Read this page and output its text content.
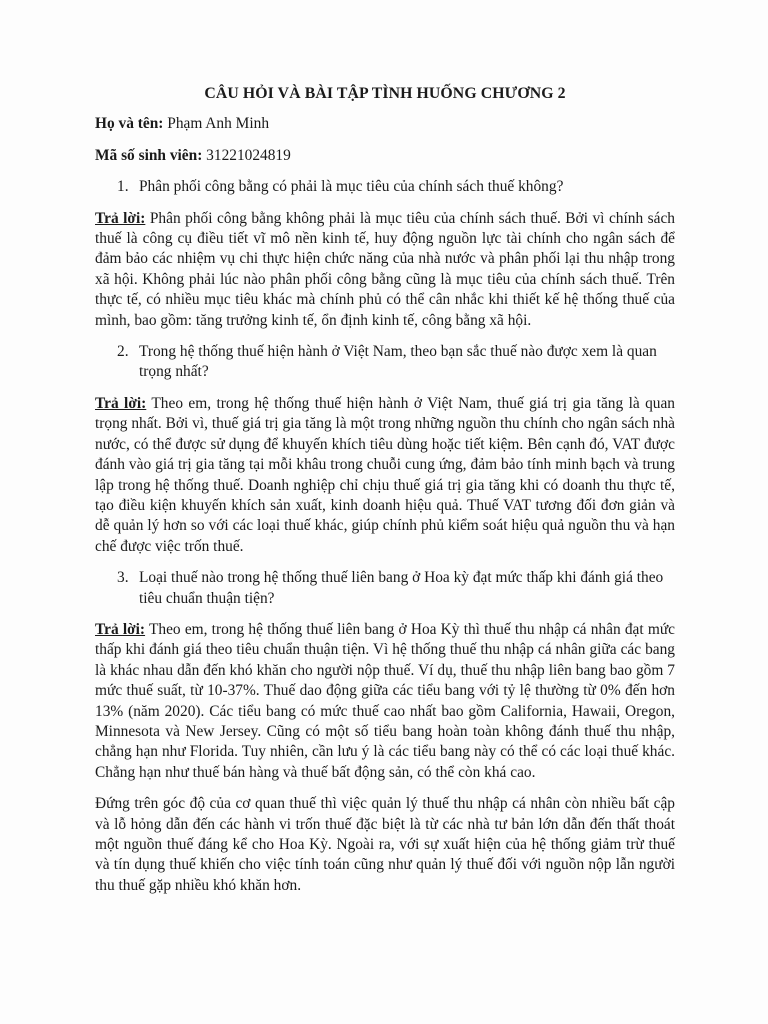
CÂU HỎI VÀ BÀI TẬP TÌNH HUỐNG CHƯƠNG 2

Họ và tên: Phạm Anh Minh

Mã số sinh viên: 31221024819

1. Phân phối công bằng có phải là mục tiêu của chính sách thuế không?

Trả lời: Phân phối công bằng không phải là mục tiêu của chính sách thuế. Bởi vì chính sách thuế là công cụ điều tiết vĩ mô nền kinh tế, huy động nguồn lực tài chính cho ngân sách để đảm bảo các nhiệm vụ chi thực hiện chức năng của nhà nước và phân phối lại thu nhập trong xã hội. Không phải lúc nào phân phối công bằng cũng là mục tiêu của chính sách thuế. Trên thực tế, có nhiều mục tiêu khác mà chính phủ có thể cân nhắc khi thiết kế hệ thống thuế của mình, bao gồm: tăng trưởng kinh tế, ổn định kinh tế, công bằng xã hội.

2. Trong hệ thống thuế hiện hành ở Việt Nam, theo bạn sắc thuế nào được xem là quan trọng nhất?

Trả lời: Theo em, trong hệ thống thuế hiện hành ở Việt Nam, thuế giá trị gia tăng là quan trọng nhất. Bởi vì, thuế giá trị gia tăng là một trong những nguồn thu chính cho ngân sách nhà nước, có thể được sử dụng để khuyến khích tiêu dùng hoặc tiết kiệm. Bên cạnh đó, VAT được đánh vào giá trị gia tăng tại mỗi khâu trong chuỗi cung ứng, đảm bảo tính minh bạch và trung lập trong hệ thống thuế. Doanh nghiệp chỉ chịu thuế giá trị gia tăng khi có doanh thu thực tế, tạo điều kiện khuyến khích sản xuất, kinh doanh hiệu quả. Thuế VAT tương đối đơn giản và dễ quản lý hơn so với các loại thuế khác, giúp chính phủ kiểm soát hiệu quả nguồn thu và hạn chế được việc trốn thuế.

3. Loại thuế nào trong hệ thống thuế liên bang ở Hoa kỳ đạt mức thấp khi đánh giá theo tiêu chuẩn thuận tiện?

Trả lời: Theo em, trong hệ thống thuế liên bang ở Hoa Kỳ thì thuế thu nhập cá nhân đạt mức thấp khi đánh giá theo tiêu chuẩn thuận tiện. Vì hệ thống thuế thu nhập cá nhân giữa các bang là khác nhau dẫn đến khó khăn cho người nộp thuế. Ví dụ, thuế thu nhập liên bang bao gồm 7 mức thuế suất, từ 10-37%. Thuế dao động giữa các tiểu bang với tỷ lệ thường từ 0% đến hơn 13% (năm 2020). Các tiểu bang có mức thuế cao nhất bao gồm California, Hawaii, Oregon, Minnesota và New Jersey. Cũng có một số tiểu bang hoàn toàn không đánh thuế thu nhập, chẳng hạn như Florida. Tuy nhiên, cần lưu ý là các tiểu bang này có thể có các loại thuế khác. Chẳng hạn như thuế bán hàng và thuế bất động sản, có thể còn khá cao.

Đứng trên góc độ của cơ quan thuế thì việc quản lý thuế thu nhập cá nhân còn nhiều bất cập và lỗ hỏng dẫn đến các hành vi trốn thuế đặc biệt là từ các nhà tư bản lớn dẫn đến thất thoát một nguồn thuế đáng kể cho Hoa Kỳ. Ngoài ra, với sự xuất hiện của hệ thống giảm trừ thuế và tín dụng thuế khiến cho việc tính toán cũng như quản lý thuế đối với nguồn nộp lẫn người thu thuế gặp nhiều khó khăn hơn.
